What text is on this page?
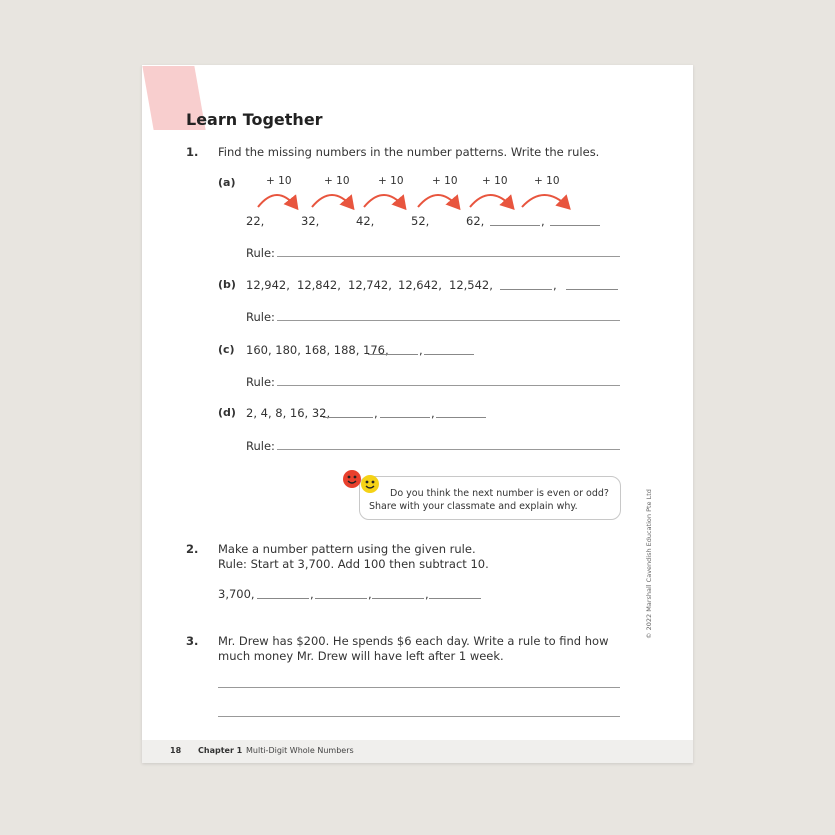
Learn Together
1. Find the missing numbers in the number patterns. Write the rules.
(a)	+ 10	+ 10	+ 10	+ 10 + 10	+ 10
22,	32,	42,	52,	62,	,
Rule:
(b) 12,942, 12,842, 12,742, 12,642, 12,542,	,
Rule:
(c) 160, 180, 168, 188, 176,	,
Rule:
(d) 2, 4, 8, 16, 32,	,	,
Rule:
Do you think the next number is even or odd?
Share with your classmate and explain why.
2. Make a number pattern using the given rule.
Rule: Start at 3,700. Add 100 then subtract 10.
3,700,	,	,	,
3. Mr. Drew has $200. He spends $6 each day. Write a rule to find how
much money Mr. Drew will have left after 1 week.
© 2022 Marshall Cavendish Education Pte Ltd
18 Chapter 1 Multi-Digit Whole Numbers
